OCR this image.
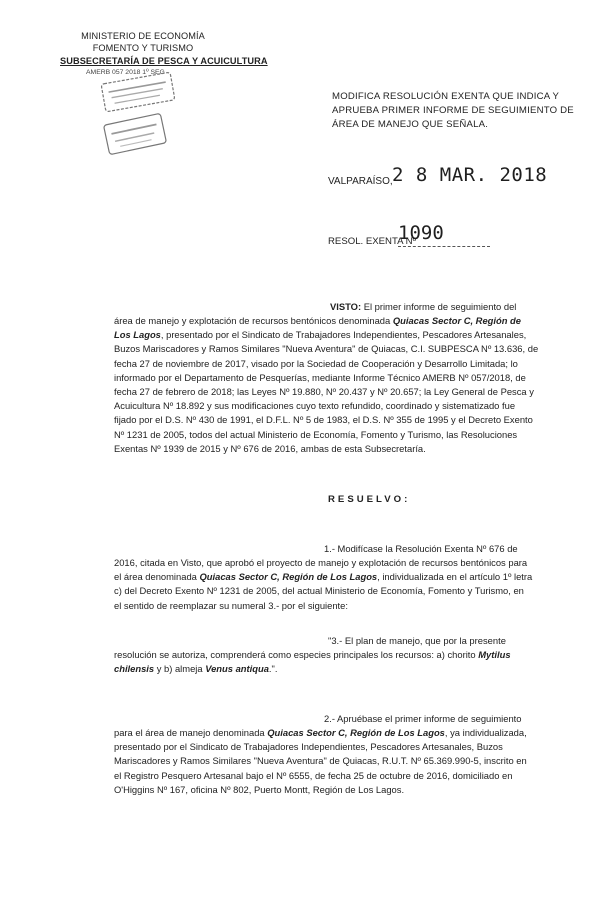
MINISTERIO DE ECONOMÍA
FOMENTO Y TURISMO
SUBSECRETARÍA DE PESCA Y ACUICULTURA
AMERB 057 2018 1º SEG
MODIFICA RESOLUCIÓN EXENTA QUE INDICA Y
APRUEBA PRIMER INFORME DE SEGUIMIENTO DE
ÁREA DE MANEJO QUE SEÑALA.
VALPARAÍSO, 2 8 MAR. 2018
RESOL. EXENTA Nº
1090
VISTO: El primer informe de seguimiento del
área de manejo y explotación de recursos bentónicos denominada Quiacas Sector C, Región de
Los Lagos, presentado por el Sindicato de Trabajadores Independientes, Pescadores Artesanales,
Buzos Mariscadores y Ramos Similares "Nueva Aventura" de Quiacas, C.I. SUBPESCA Nº 13.636, de
fecha 27 de noviembre de 2017, visado por la Sociedad de Cooperación y Desarrollo Limitada; lo
informado por el Departamento de Pesquerías, mediante Informe Técnico AMERB Nº 057/2018, de
fecha 27 de febrero de 2018; las Leyes Nº 19.880, Nº 20.437 y Nº 20.657; la Ley General de Pesca y
Acuicultura Nº 18.892 y sus modificaciones cuyo texto refundido, coordinado y sistematizado fue
fijado por el D.S. Nº 430 de 1991, el D.F.L. Nº 5 de 1983, el D.S. Nº 355 de 1995 y el Decreto Exento
Nº 1231 de 2005, todos del actual Ministerio de Economía, Fomento y Turismo, las Resoluciones
Exentas Nº 1939 de 2015 y Nº 676 de 2016, ambas de esta Subsecretaría.
RESUELVO:
1.- Modifícase la Resolución Exenta Nº 676 de
2016, citada en Visto, que aprobó el proyecto de manejo y explotación de recursos bentónicos para
el área denominada Quiacas Sector C, Región de Los Lagos, individualizada en el artículo 1º letra
c) del Decreto Exento Nº 1231 de 2005, del actual Ministerio de Economía, Fomento y Turismo, en
el sentido de reemplazar su numeral 3.- por el siguiente:
"3.- El plan de manejo, que por la presente
resolución se autoriza, comprenderá como especies principales los recursos: a) chorito Mytilus
chilensis y b) almeja Venus antiqua.".
2.- Apruébase el primer informe de seguimiento
para el área de manejo denominada Quiacas Sector C, Región de Los Lagos, ya individualizada,
presentado por el Sindicato de Trabajadores Independientes, Pescadores Artesanales, Buzos
Mariscadores y Ramos Similares "Nueva Aventura" de Quiacas, R.U.T. Nº 65.369.990-5, inscrito en
el Registro Pesquero Artesanal bajo el Nº 6555, de fecha 25 de octubre de 2016, domiciliado en
O'Higgins Nº 167, oficina Nº 802, Puerto Montt, Región de Los Lagos.
